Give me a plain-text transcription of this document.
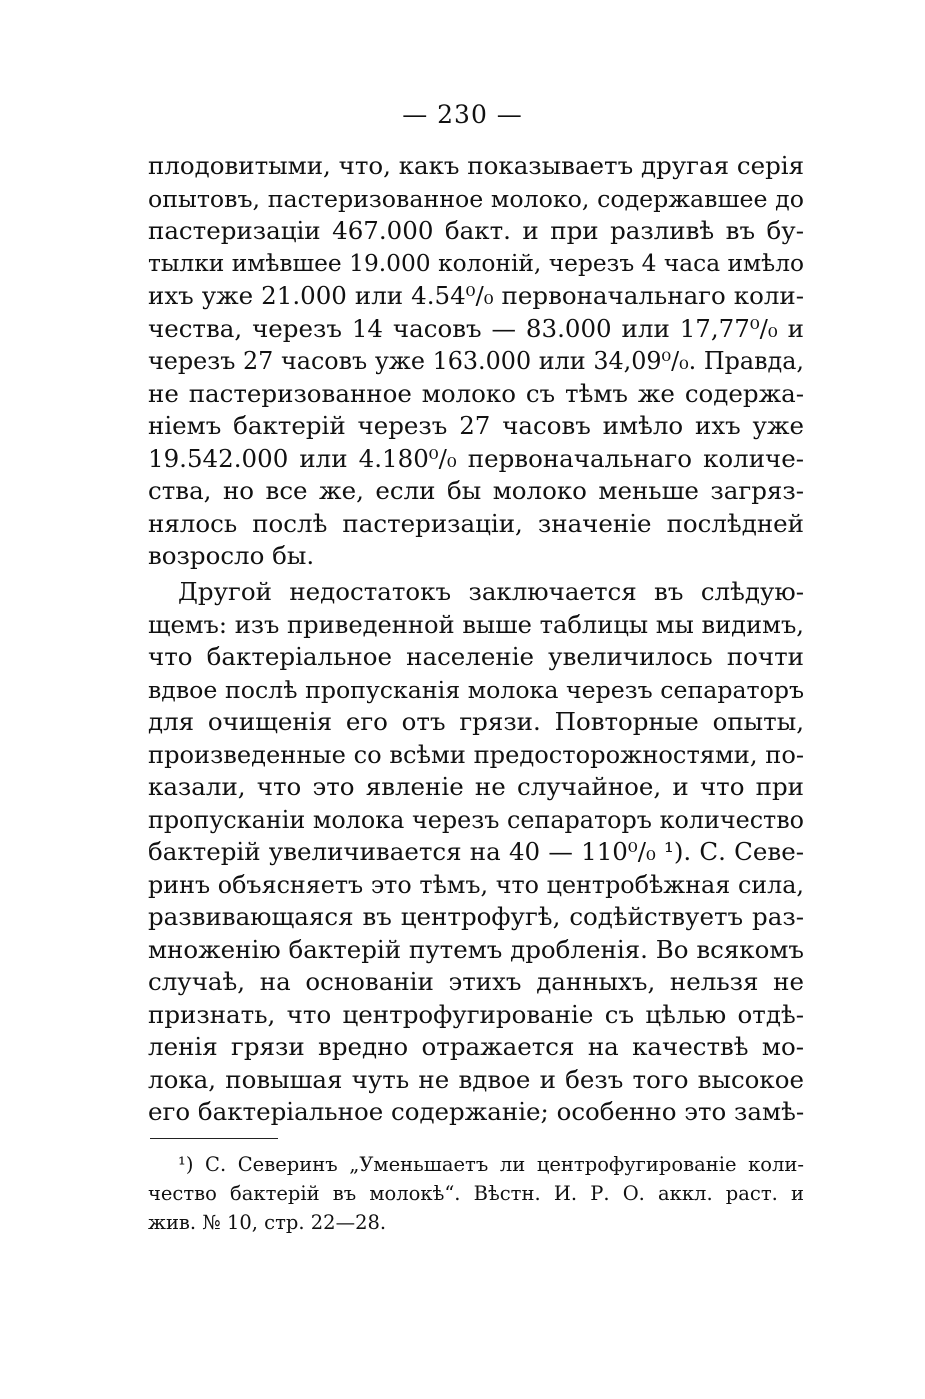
— 230 —
плодовитыми, что, какъ показываетъ другая серія
опытовъ, пастеризованное молоко, содержавшее до
пастеризаціи 467.000 бакт. и при разливѣ въ бу-
тылки имѣвшее 19.000 колоній, черезъ 4 часа имѣло
ихъ уже 21.000 или 4.54⁰/₀ первоначальнаго коли-
чества, черезъ 14 часовъ — 83.000 или 17,77⁰/₀ и
черезъ 27 часовъ уже 163.000 или 34,09⁰/₀. Правда,
не пастеризованное молоко съ тѣмъ же содержа-
ніемъ бактерій черезъ 27 часовъ имѣло ихъ уже
19.542.000 или 4.180⁰/₀ первоначальнаго количе-
ства, но все же, если бы молоко меньше загряз-
нялось послѣ пастеризаціи, значеніе послѣдней
возросло бы.
Другой недостатокъ заключается въ слѣдую-
щемъ: изъ приведенной выше таблицы мы видимъ,
что бактеріальное населеніе увеличилось почти
вдвое послѣ пропусканія молока черезъ сепараторъ
для очищенія его отъ грязи. Повторные опыты,
произведенные со всѣми предосторожностями, по-
казали, что это явленіе не случайное, и что при
пропусканіи молока черезъ сепараторъ количество
бактерій увеличивается на 40 — 110⁰/₀ ¹). С. Севе-
ринъ объясняетъ это тѣмъ, что центробѣжная сила,
развивающаяся въ центрофугѣ, содѣйствуетъ раз-
множенію бактерій путемъ дробленія. Во всякомъ
случаѣ, на основаніи этихъ данныхъ, нельзя не
признать, что центрофугированіе съ цѣлью отдѣ-
ленія грязи вредно отражается на качествѣ мо-
лока, повышая чуть не вдвое и безъ того высокое
его бактеріальное содержаніе; особенно это замѣ-
¹) С. Северинъ „Уменьшаетъ ли центрофугированіе коли-
чество бактерій въ молокѣ“. Вѣстн. И. Р. О. аккл. раст. и
жив. № 10, стр. 22—28.
